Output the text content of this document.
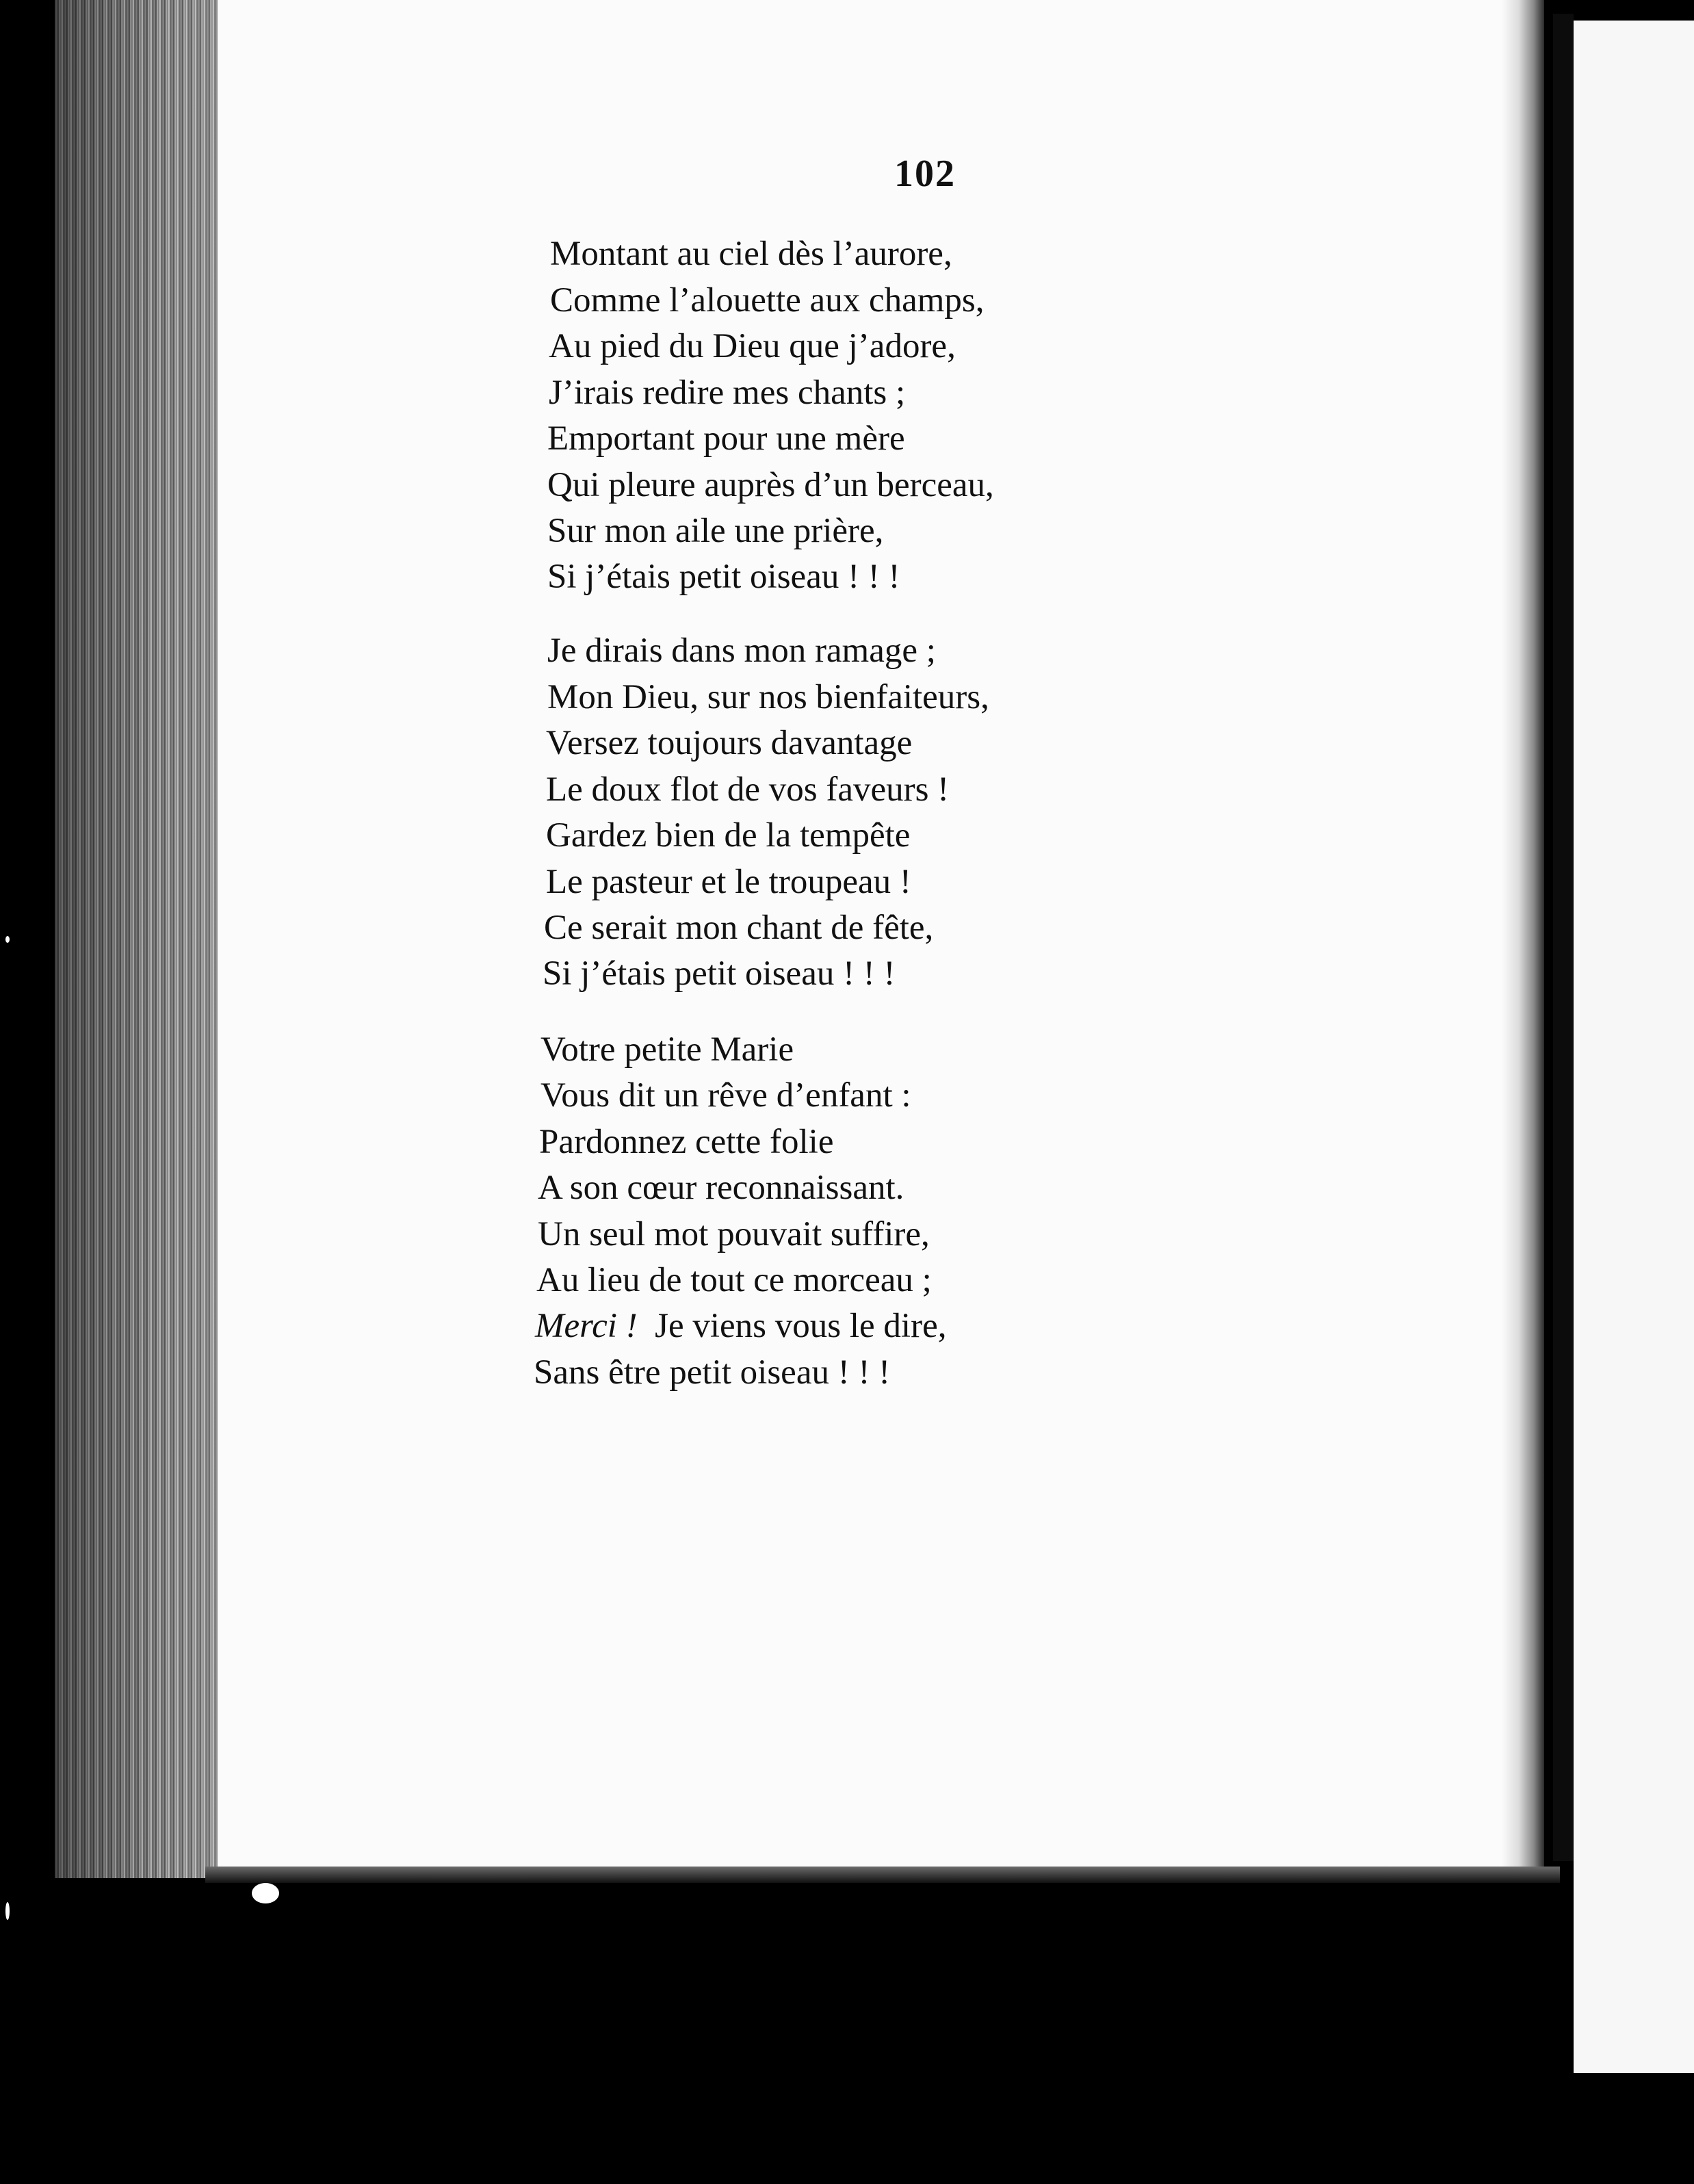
102
Montant au ciel dès l’aurore,
Comme l’alouette aux champs,
Au pied du Dieu que j’adore,
J’irais redire mes chants ;
Emportant pour une mère
Qui pleure auprès d’un berceau,
Sur mon aile une prière,
Si j’étais petit oiseau ! ! !
Je dirais dans mon ramage ;
Mon Dieu, sur nos bienfaiteurs,
Versez toujours davantage
Le doux flot de vos faveurs !
Gardez bien de la tempête
Le pasteur et le troupeau !
Ce serait mon chant de fête,
Si j’étais petit oiseau ! ! !
Votre petite Marie
Vous dit un rêve d’enfant :
Pardonnez cette folie
A son cœur reconnaissant.
Un seul mot pouvait suffire,
Au lieu de tout ce morceau ;
Merci ! Je viens vous le dire,
Sans être petit oiseau ! ! !
